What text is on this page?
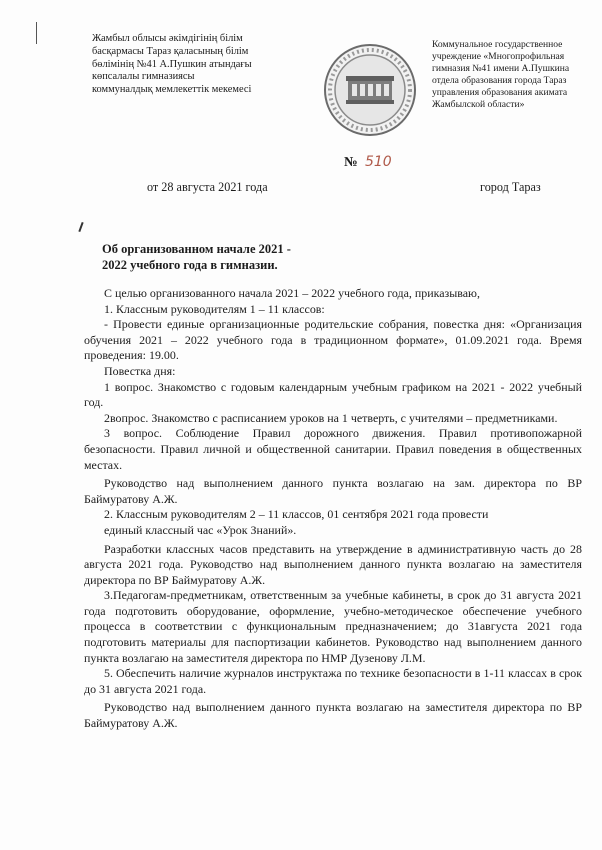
Жамбыл облысы әкімдігінің білім
басқармасы Тараз қаласының білім
бөлімінің №41 А.Пушкин атындағы
көпсалалы гимназиясы
коммуналдық мемлекеттік мекемесі
Коммунальное государственное
учреждение «Многопрофильная
гимназия №41 имени А.Пушкина
отдела образования города Тараз
управления образования акимата
Жамбылской области»
№ 510
от 28 августа 2021 года	город Тараз
Об организованном начале 2021 -
2022 учебного года в гимназии.

С целью организованного начала 2021 – 2022 учебного года, приказываю,

1. Классным руководителям 1 – 11 классов:

- Провести единые организационные родительские собрания, повестка дня: «Организация обучения 2021 – 2022 учебного года в традиционном формате», 01.09.2021 года. Время проведения: 19.00.

Повестка дня:

1 вопрос. Знакомство с годовым календарным учебным графиком на 2021 - 2022 учебный год.

2вопрос. Знакомство с расписанием уроков на 1 четверть, с учителями – предметниками.

3 вопрос. Соблюдение Правил дорожного движения. Правил противопожарной безопасности. Правил личной и общественной санитарии. Правил поведения в общественных местах.

Руководство над выполнением данного пункта возлагаю на зам. директора по ВР Баймуратову А.Ж.

2. Классным руководителям 2 – 11 классов, 01 сентября 2021 года провести

единый классный час «Урок Знаний».

Разработки классных часов представить на утверждение в административную часть до 28 августа 2021 года. Руководство над выполнением данного пункта возлагаю на заместителя директора по ВР Баймуратову А.Ж.

3.Педагогам-предметникам, ответственным за учебные кабинеты, в срок до 31 августа 2021 года подготовить оборудование, оформление, учебно-методическое обеспечение учебного процесса в соответствии с функциональным предназначением; до 31августа 2021 года подготовить материалы для паспортизации кабинетов. Руководство над выполнением данного пункта возлагаю на заместителя директора по НМР Дузенову Л.М.

5. Обеспечить наличие журналов инструктажа по технике безопасности в 1-11 классах в срок до 31 августа 2021 года.

Руководство над выполнением данного пункта возлагаю на заместителя директора по ВР Баймуратову А.Ж.
